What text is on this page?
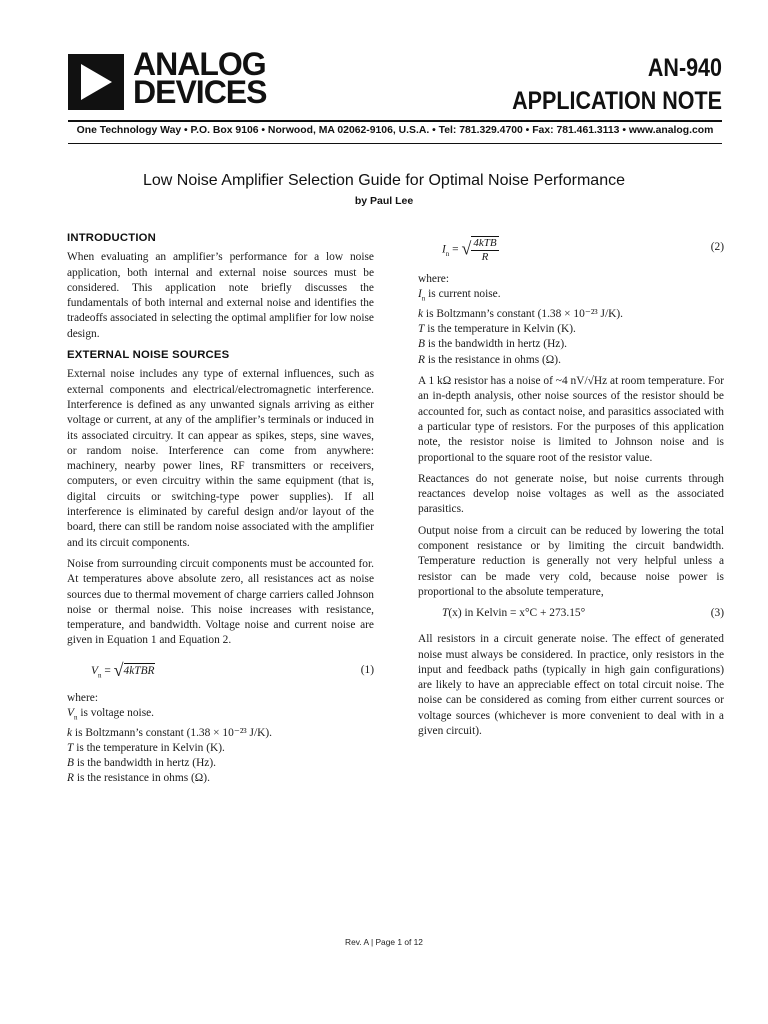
ANALOG
DEVICES
AN-940
APPLICATION NOTE
One Technology Way • P.O. Box 9106 • Norwood, MA 02062-9106, U.S.A. • Tel: 781.329.4700 • Fax: 781.461.3113 • www.analog.com
Low Noise Amplifier Selection Guide for Optimal Noise Performance
by Paul Lee
INTRODUCTION

When evaluating an amplifier’s performance for a low noise application, both internal and external noise sources must be considered. This application note briefly discusses the fundamentals of both internal and external noise and identifies the tradeoffs associated in selecting the optimal amplifier for low noise design.

EXTERNAL NOISE SOURCES

External noise includes any type of external influences, such as external components and electrical/electromagnetic interference. Interference is defined as any unwanted signals arriving as either voltage or current, at any of the amplifier’s terminals or induced in its associated circuitry. It can appear as spikes, steps, sine waves, or random noise. Interference can come from anywhere: machinery, nearby power lines, RF transmitters or receivers, computers, or even circuitry within the same equipment (that is, digital circuits or switching-type power supplies). If all interference is eliminated by careful design and/or layout of the board, there can still be random noise associated with the amplifier and its circuit components.

Noise from surrounding circuit components must be accounted for. At temperatures above absolute zero, all resistances act as noise sources due to thermal movement of charge carriers called Johnson noise or thermal noise. This noise increases with resistance, temperature, and bandwidth. Voltage noise and current noise are given in Equation 1 and Equation 2.

$V_n$ = √4kTBR	(1)
where:
$V_n$ is voltage noise.
k is Boltzmann’s constant (1.38 × 10⁻²³ J/K).
T is the temperature in Kelvin (K).
B is the bandwidth in hertz (Hz).
R is the resistance in ohms (Ω).
$I_n$ = √ $\frac{\text{4kTB}}{R}$	(2)
where:
$I_n$ is current noise.
k is Boltzmann’s constant (1.38 × 10⁻²³ J/K).
T is the temperature in Kelvin (K).
B is the bandwidth in hertz (Hz).
R is the resistance in ohms (Ω).

A 1 kΩ resistor has a noise of ~4 nV/√Hz at room temperature. For an in-depth analysis, other noise sources of the resistor should be accounted for, such as contact noise, and parasitics associated with a particular type of resistors. For the purposes of this application note, the resistor noise is limited to Johnson noise and is proportional to the square root of the resistor value.

Reactances do not generate noise, but noise currents through reactances develop noise voltages as well as the associated parasitics.

Output noise from a circuit can be reduced by lowering the total component resistance or by limiting the circuit bandwidth. Temperature reduction is generally not very helpful unless a resistor can be made very cold, because noise power is proportional to the absolute temperature,

T(x) in Kelvin = x°C + 273.15°	(3)

All resistors in a circuit generate noise. The effect of generated noise must always be considered. In practice, only resistors in the input and feedback paths (typically in high gain configurations) are likely to have an appreciable effect on total circuit noise. The noise can be considered as coming from either current sources or voltage sources (whichever is more convenient to deal with in a given circuit).

Rev. A | Page 1 of 12
